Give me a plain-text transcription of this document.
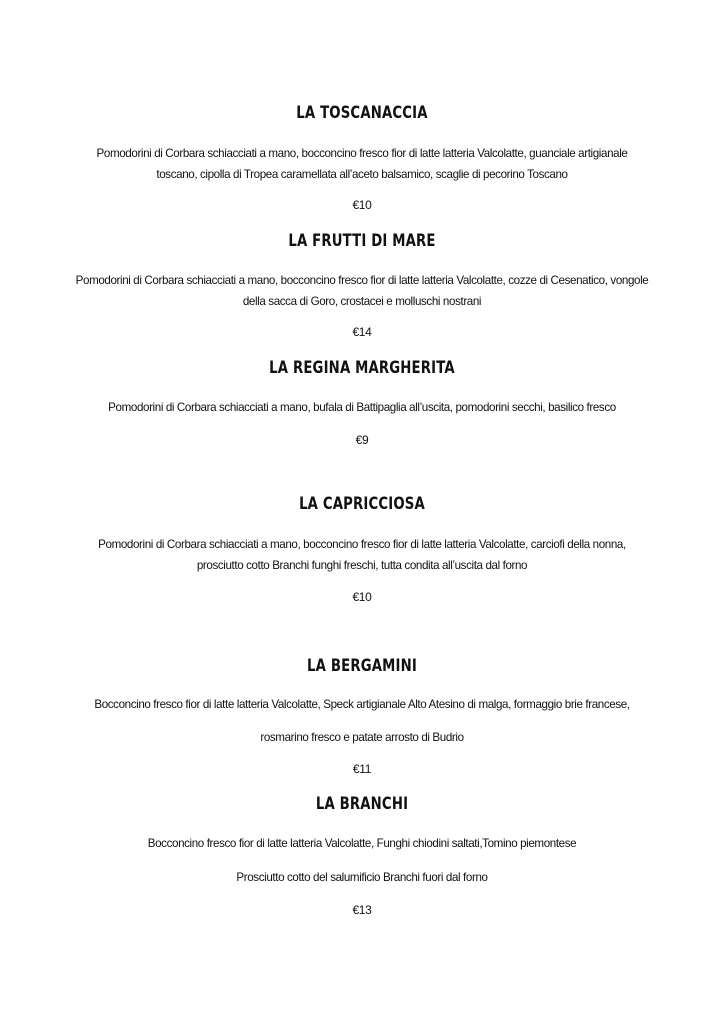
LA TOSCANACCIA

Pomodorini di Corbara schiacciati a mano, bocconcino fresco fior di latte latteria Valcolatte, guanciale artigianale
toscano, cipolla di Tropea caramellata all’aceto balsamico, scaglie di pecorino Toscano

€10

LA FRUTTI DI MARE

Pomodorini di Corbara schiacciati a mano, bocconcino fresco fior di latte latteria Valcolatte, cozze di Cesenatico, vongole
della sacca di Goro, crostacei e molluschi nostrani

€14

LA REGINA MARGHERITA

Pomodorini di Corbara schiacciati a mano, bufala di Battipaglia all’uscita, pomodorini secchi, basilico fresco

€9

LA CAPRICCIOSA

Pomodorini di Corbara schiacciati a mano, bocconcino fresco fior di latte latteria Valcolatte, carciofi della nonna,
prosciutto cotto Branchi funghi freschi, tutta condita all’uscita dal forno

€10

LA BERGAMINI

Bocconcino fresco fior di latte latteria Valcolatte, Speck artigianale Alto Atesino di malga, formaggio brie francese,

rosmarino fresco e patate arrosto di Budrio

€11

LA BRANCHI

Bocconcino fresco fior di latte latteria Valcolatte, Funghi chiodini saltati,Tomino piemontese

Prosciutto cotto del salumificio Branchi fuori dal forno

€13
